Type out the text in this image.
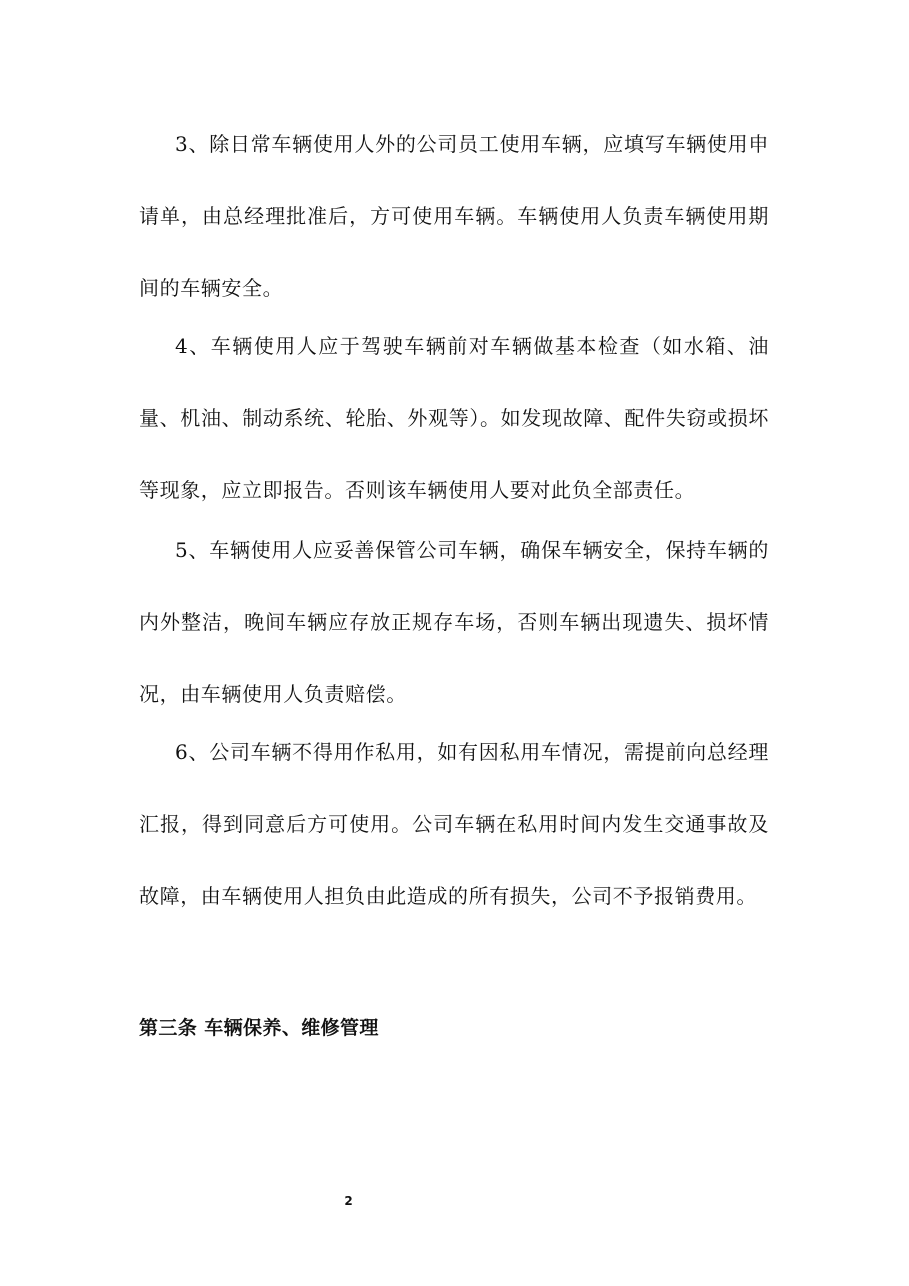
3、除日常车辆使用人外的公司员工使用车辆，应填写车辆使用申请单，由总经理批准后，方可使用车辆。车辆使用人负责车辆使用期间的车辆安全。

4、车辆使用人应于驾驶车辆前对车辆做基本检查（如水箱、油量、机油、制动系统、轮胎、外观等）。如发现故障、配件失窃或损坏等现象，应立即报告。否则该车辆使用人要对此负全部责任。

5、车辆使用人应妥善保管公司车辆，确保车辆安全，保持车辆的内外整洁，晚间车辆应存放正规存车场，否则车辆出现遗失、损坏情况，由车辆使用人负责赔偿。

6、公司车辆不得用作私用，如有因私用车情况，需提前向总经理汇报，得到同意后方可使用。公司车辆在私用时间内发生交通事故及故障，由车辆使用人担负由此造成的所有损失，公司不予报销费用。

第三条 车辆保养、维修管理
2
